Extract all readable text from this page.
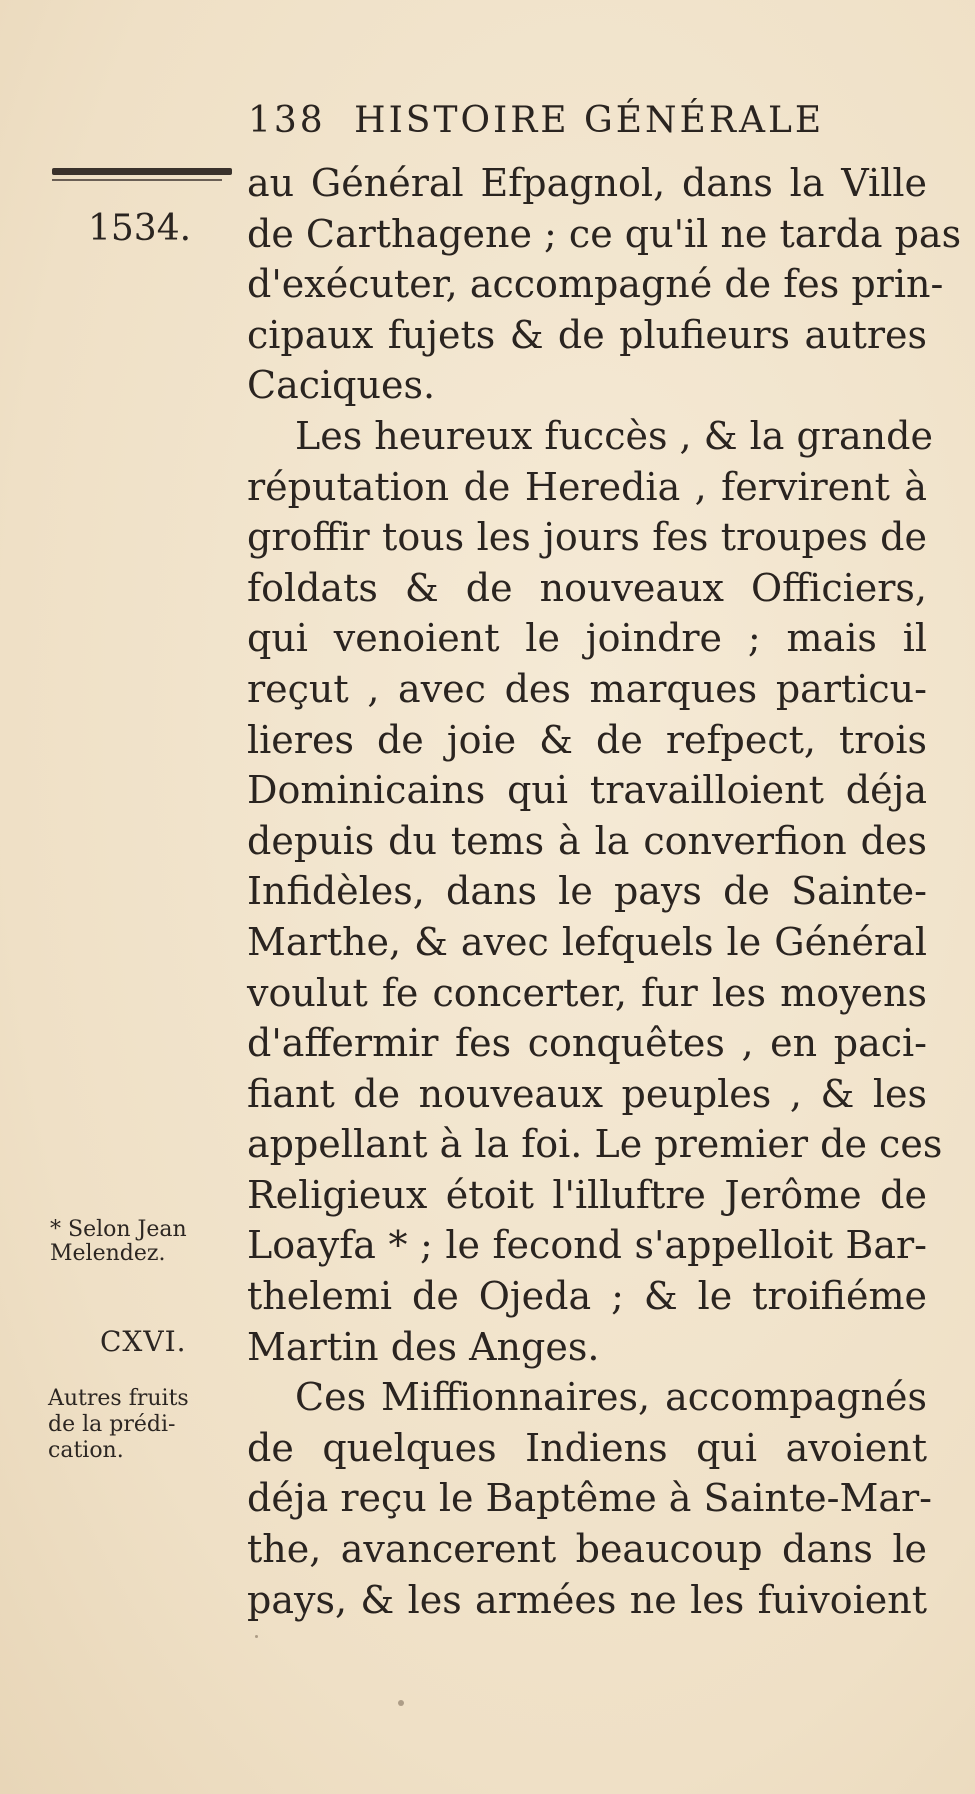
138 HISTOIRE GÉNÉRALE
1534.
au Général Efpagnol, dans la Ville
de Carthagene ; ce qu'il ne tarda pas
d'exécuter, accompagné de fes prin-
cipaux fujets & de plufieurs autres
Caciques.
Les heureux fuccès , & la grande
réputation de Heredia , fervirent à
groffir tous les jours fes troupes de
foldats & de nouveaux Officiers,
qui venoient le joindre ; mais il
reçut , avec des marques particu-
lieres de joie & de refpect, trois
Dominicains qui travailloient déja
depuis du tems à la converfion des
Infidèles, dans le pays de Sainte-
Marthe, & avec lefquels le Général
voulut fe concerter, fur les moyens
d'affermir fes conquêtes , en paci-
fiant de nouveaux peuples , & les
appellant à la foi. Le premier de ces
Religieux étoit l'illuftre Jerôme de
Loayfa * ; le fecond s'appelloit Bar-
thelemi de Ojeda ; & le troifiéme
Martin des Anges.
Ces Miffionnaires, accompagnés
de quelques Indiens qui avoient
déja reçu le Baptême à Sainte-Mar-
the, avancerent beaucoup dans le
pays, & les armées ne les fuivoient
* Selon Jean
Melendez.
CXVI.
Autres fruits
de la prédi-
cation.
